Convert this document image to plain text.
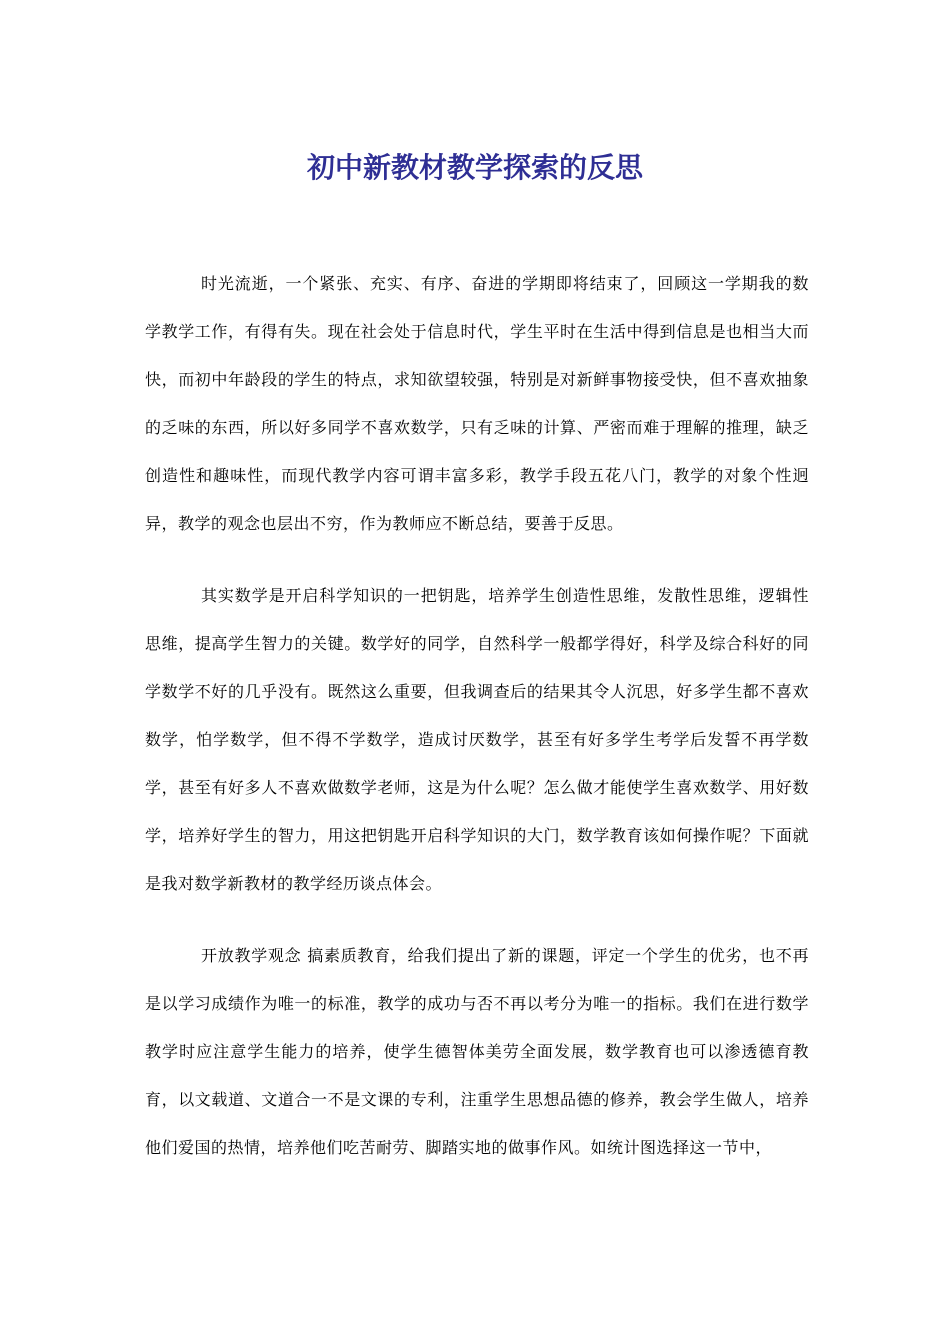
初中新教材教学探索的反思

时光流逝，一个紧张、充实、有序、奋进的学期即将结束了，回顾这一学期我的数学教学工作，有得有失。现在社会处于信息时代，学生平时在生活中得到信息是也相当大而快，而初中年龄段的学生的特点，求知欲望较强，特别是对新鲜事物接受快，但不喜欢抽象的乏味的东西，所以好多同学不喜欢数学，只有乏味的计算、严密而难于理解的推理，缺乏创造性和趣味性，而现代教学内容可谓丰富多彩，教学手段五花八门，教学的对象个性迥异，教学的观念也层出不穷，作为教师应不断总结，要善于反思。

其实数学是开启科学知识的一把钥匙，培养学生创造性思维，发散性思维，逻辑性思维，提高学生智力的关键。数学好的同学，自然科学一般都学得好，科学及综合科好的同学数学不好的几乎没有。既然这么重要，但我调查后的结果其令人沉思，好多学生都不喜欢数学，怕学数学，但不得不学数学，造成讨厌数学，甚至有好多学生考学后发誓不再学数学，甚至有好多人不喜欢做数学老师，这是为什么呢？怎么做才能使学生喜欢数学、用好数学，培养好学生的智力，用这把钥匙开启科学知识的大门，数学教育该如何操作呢？下面就是我对数学新教材的教学经历谈点体会。

开放教学观念 搞素质教育，给我们提出了新的课题，评定一个学生的优劣，也不再是以学习成绩作为唯一的标准，教学的成功与否不再以考分为唯一的指标。我们在进行数学教学时应注意学生能力的培养，使学生德智体美劳全面发展，数学教育也可以渗透德育教育，以文载道、文道合一不是文课的专利，注重学生思想品德的修养，教会学生做人，培养他们爱国的热情，培养他们吃苦耐劳、脚踏实地的做事作风。如统计图选择这一节中，
